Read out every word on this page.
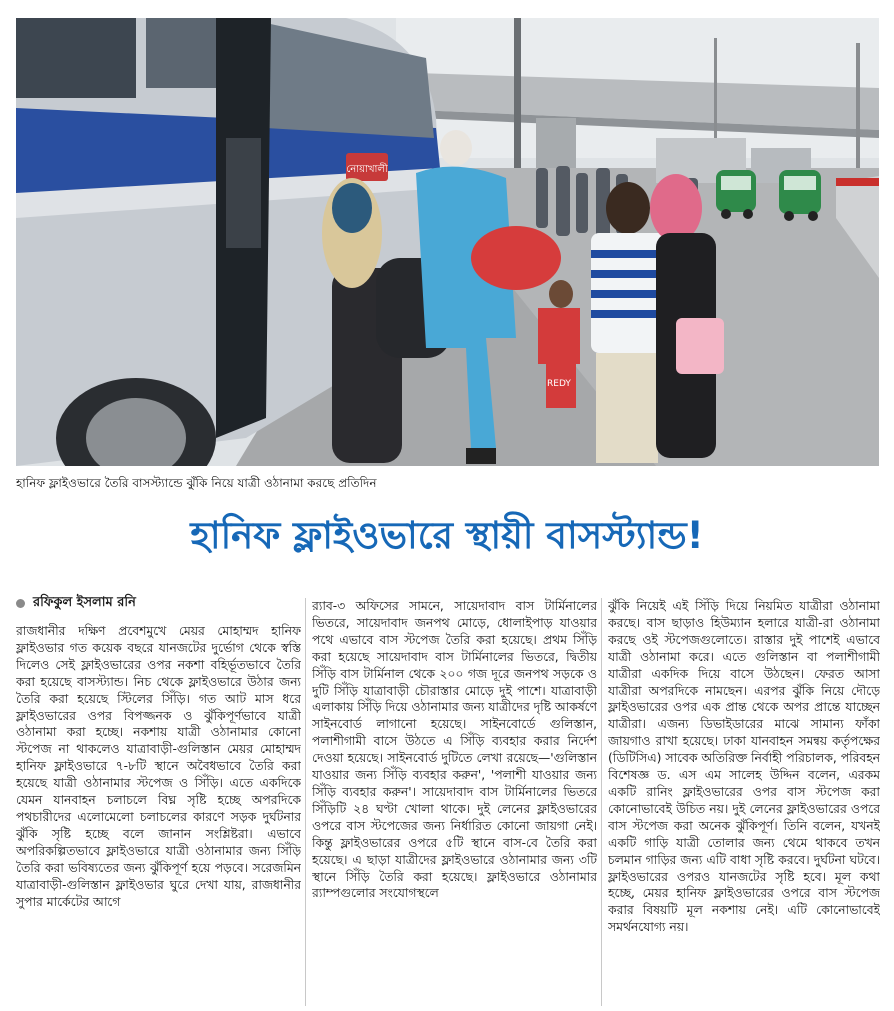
নোয়াখালী
REDY
হানিফ ফ্লাইওভারে তৈরি বাসস্ট্যান্ডে ঝুঁকি নিয়ে যাত্রী ওঠানামা করছে প্রতিদিন
হানিফ ফ্লাইওভারে স্থায়ী বাসস্ট্যান্ড!
রফিকুল ইসলাম রনি

রাজধানীর দক্ষিণ প্রবেশমুখে মেয়র মোহাম্মদ হানিফ ফ্লাইওভার গত কয়েক বছরে যানজটের দুর্ভোগ থেকে স্বস্তি দিলেও সেই ফ্লাইওভারের ওপর নকশা বহির্ভূতভাবে তৈরি করা হয়েছে বাসস্ট্যান্ড। নিচ থেকে ফ্লাইওভারে উঠার জন্য তৈরি করা হয়েছে স্টিলের সিঁড়ি। গত আট মাস ধরে ফ্লাইওভারের ওপর বিপজ্জনক ও ঝুঁকিপূর্ণভাবে যাত্রী ওঠানামা করা হচ্ছে। নকশায় যাত্রী ওঠানামার কোনো স্টপেজ না থাকলেও যাত্রাবাড়ী-গুলিস্তান মেয়র মোহাম্মদ হানিফ ফ্লাইওভারে ৭-৮টি স্থানে অবৈধভাবে তৈরি করা হয়েছে যাত্রী ওঠানামার স্টপেজ ও সিঁড়ি। এতে একদিকে যেমন যানবাহন চলাচলে বিঘ্ন সৃষ্টি হচ্ছে অপরদিকে পথচারীদের এলোমেলো চলাচলের কারণে সড়ক দুর্ঘটনার ঝুঁকি সৃষ্টি হচ্ছে বলে জানান সংশ্লিষ্টরা। এভাবে অপরিকল্পিতভাবে ফ্লাইওভারে যাত্রী ওঠানামার জন্য সিঁড়ি তৈরি করা ভবিষ্যতের জন্য ঝুঁকিপূর্ণ হয়ে পড়বে। সরেজমিন যাত্রাবাড়ী-গুলিস্তান ফ্লাইওভার ঘুরে দেখা যায়, রাজধানীর সুপার মার্কেটের আগে

র‌্যাব-৩ অফিসের সামনে, সায়েদাবাদ বাস টার্মিনালের ভিতরে, সায়েদাবাদ জনপথ মোড়ে, ধোলাইপাড় যাওয়ার পথে এভাবে বাস স্টপেজ তৈরি করা হয়েছে। প্রথম সিঁড়ি করা হয়েছে সায়েদাবাদ বাস টার্মিনালের ভিতরে, দ্বিতীয় সিঁড়ি বাস টার্মিনাল থেকে ২০০ গজ দূরে জনপথ সড়কে ও দুটি সিঁড়ি যাত্রাবাড়ী চৌরাস্তার মোড়ে দুই পাশে। যাত্রাবাড়ী এলাকায় সিঁড়ি দিয়ে ওঠানামার জন্য যাত্রীদের দৃষ্টি আকর্ষণে সাইনবোর্ড লাগানো হয়েছে। সাইনবোর্ডে গুলিস্তান, পলাশীগামী বাসে উঠতে এ সিঁড়ি ব্যবহার করার নির্দেশ দেওয়া হয়েছে। সাইনবোর্ড দুটিতে লেখা রয়েছে—'গুলিস্তান যাওয়ার জন্য সিঁড়ি ব্যবহার করুন', 'পলাশী যাওয়ার জন্য সিঁড়ি ব্যবহার করুন'। সায়েদাবাদ বাস টার্মিনালের ভিতরে সিঁড়িটি ২৪ ঘণ্টা খোলা থাকে। দুই লেনের ফ্লাইওভারের ওপরে বাস স্টপেজের জন্য নির্ধারিত কোনো জায়গা নেই। কিন্তু ফ্লাইওভারের ওপরে ৫টি স্থানে বাস-বে তৈরি করা হয়েছে। এ ছাড়া যাত্রীদের ফ্লাইওভারে ওঠানামার জন্য ৩টি স্থানে সিঁড়ি তৈরি করা হয়েছে। ফ্লাইওভারে ওঠানামার র‌্যাম্পগুলোর সংযোগস্থলে

ঝুঁকি নিয়েই এই সিঁড়ি দিয়ে নিয়মিত যাত্রীরা ওঠানামা করছে। বাস ছাড়াও হিউম্যান হলারে যাত্রী-রা ওঠানামা করছে ওই স্টপেজগুলোতে। রাস্তার দুই পাশেই এভাবে যাত্রী ওঠানামা করে। এতে গুলিস্তান বা পলাশীগামী যাত্রীরা একদিক দিয়ে বাসে উঠছেন। ফেরত আসা যাত্রীরা অপরদিকে নামছেন। এরপর ঝুঁকি নিয়ে দৌড়ে ফ্লাইওভারের ওপর এক প্রান্ত থেকে অপর প্রান্তে যাচ্ছেন যাত্রীরা। এজন্য ডিভাইডারের মাঝে সামান্য ফাঁকা জায়গাও রাখা হয়েছে। ঢাকা যানবাহন সমন্বয় কর্তৃপক্ষের (ডিটিসিএ) সাবেক অতিরিক্ত নির্বাহী পরিচালক, পরিবহন বিশেষজ্ঞ ড. এস এম সালেহ উদ্দিন বলেন, এরকম একটি রানিং ফ্লাইওভারের ওপর বাস স্টপেজ করা কোনোভাবেই উচিত নয়। দুই লেনের ফ্লাইওভারের ওপরে বাস স্টপেজ করা অনেক ঝুঁকিপূর্ণ। তিনি বলেন, যখনই একটি গাড়ি যাত্রী তোলার জন্য থেমে থাকবে তখন চলমান গাড়ির জন্য এটি বাধা সৃষ্টি করবে। দুর্ঘটনা ঘটবে। ফ্লাইওভারের ওপরও যানজটের সৃষ্টি হবে। মূল কথা হচ্ছে, মেয়র হানিফ ফ্লাইওভারের ওপরে বাস স্টপেজ করার বিষয়টি মূল নকশায় নেই। এটি কোনোভাবেই সমর্থনযোগ্য নয়।
